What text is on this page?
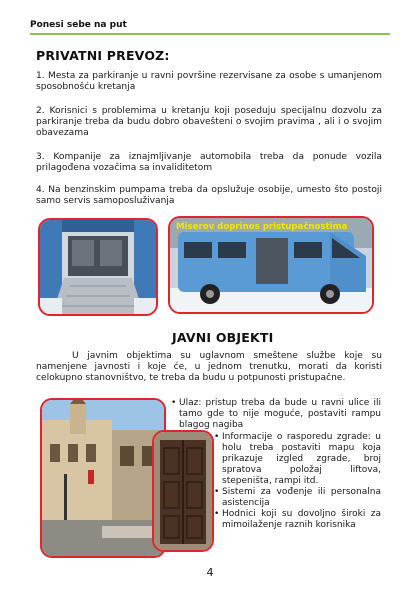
Ponesi sebe na put
PRIVATNI PREVOZ:
1. Mesta za parkiranje u ravni površine rezervisane za osobe s umanjenom sposobnošću kretanja
2. Korisnici s problemima u kretanju koji poseduju specijalnu dozvolu za parkiranje treba da budu dobro obavešteni o svojim pravima , ali i o svojim obavezama
3. Kompanije za iznajmljivanje automobila treba da ponude vozila prilagođena vozačima sa invaliditetom
4. Na benzinskim pumpama treba da opslužuje osobije, umesto što postoji samo servis samoposluživanja
Miserov doprinos pristupačnostima
JAVNI OBJEKTI
U javnim objektima su uglavnom smeštene službe koje su namenjene javnosti i koje će, u jednom trenutku, morati da koristi celokupno stanovništvo, te treba da budu u potpunosti pristupačne.
• Ulaz: pristup treba da bude u ravni ulice ili tamo gde to nije moguće, postaviti rampu blagog nagiba
• Informacije o rasporedu zgrade: u holu treba postaviti mapu koja prikazuje izgled zgrade, broj spratova položaj liftova, stepeništa, rampi itd.
• Sistemi za vođenje ili personalna asistencija
• Hodnici koji su dovoljno široki za mimoilaženje raznih korisnika
4
